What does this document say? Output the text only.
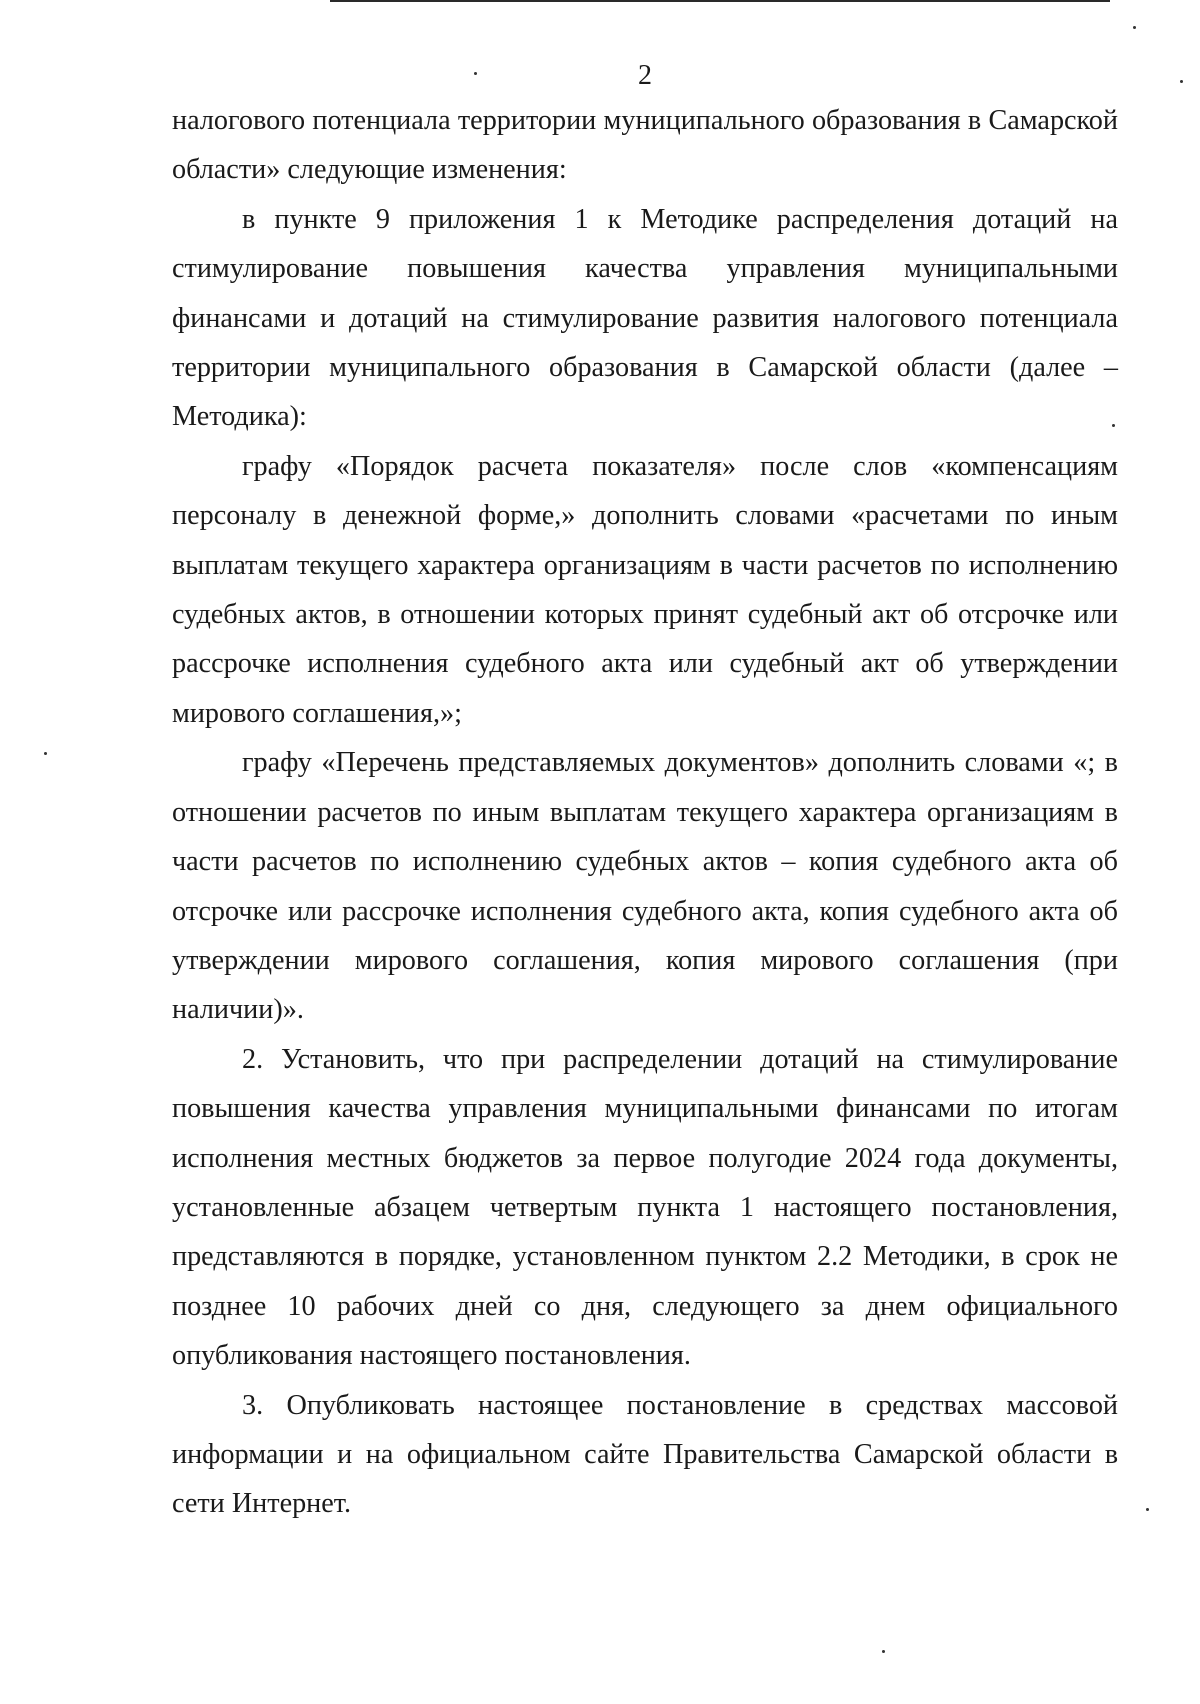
2

налогового потенциала территории муниципального образования в Самарской области» следующие изменения:

в пункте 9 приложения 1 к Методике распределения дотаций на стимулирование повышения качества управления муниципальными финансами и дотаций на стимулирование развития налогового потенциала территории муниципального образования в Самарской области (далее – Методика):

графу «Порядок расчета показателя» после слов «компенсациям персоналу в денежной форме,» дополнить словами «расчетами по иным выплатам текущего характера организациям в части расчетов по исполнению судебных актов, в отношении которых принят судебный акт об отсрочке или рассрочке исполнения судебного акта или судебный акт об утверждении мирового соглашения,»;

графу «Перечень представляемых документов» дополнить словами «; в отношении расчетов по иным выплатам текущего характера организациям в части расчетов по исполнению судебных актов – копия судебного акта об отсрочке или рассрочке исполнения судебного акта, копия судебного акта об утверждении мирового соглашения, копия мирового соглашения (при наличии)».

2. Установить, что при распределении дотаций на стимулирование повышения качества управления муниципальными финансами по итогам исполнения местных бюджетов за первое полугодие 2024 года документы, установленные абзацем четвертым пункта 1 настоящего постановления, представляются в порядке, установленном пунктом 2.2 Методики, в срок не позднее 10 рабочих дней со дня, следующего за днем официального опубликования настоящего постановления.

3. Опубликовать настоящее постановление в средствах массовой информации и на официальном сайте Правительства Самарской области в сети Интернет.
